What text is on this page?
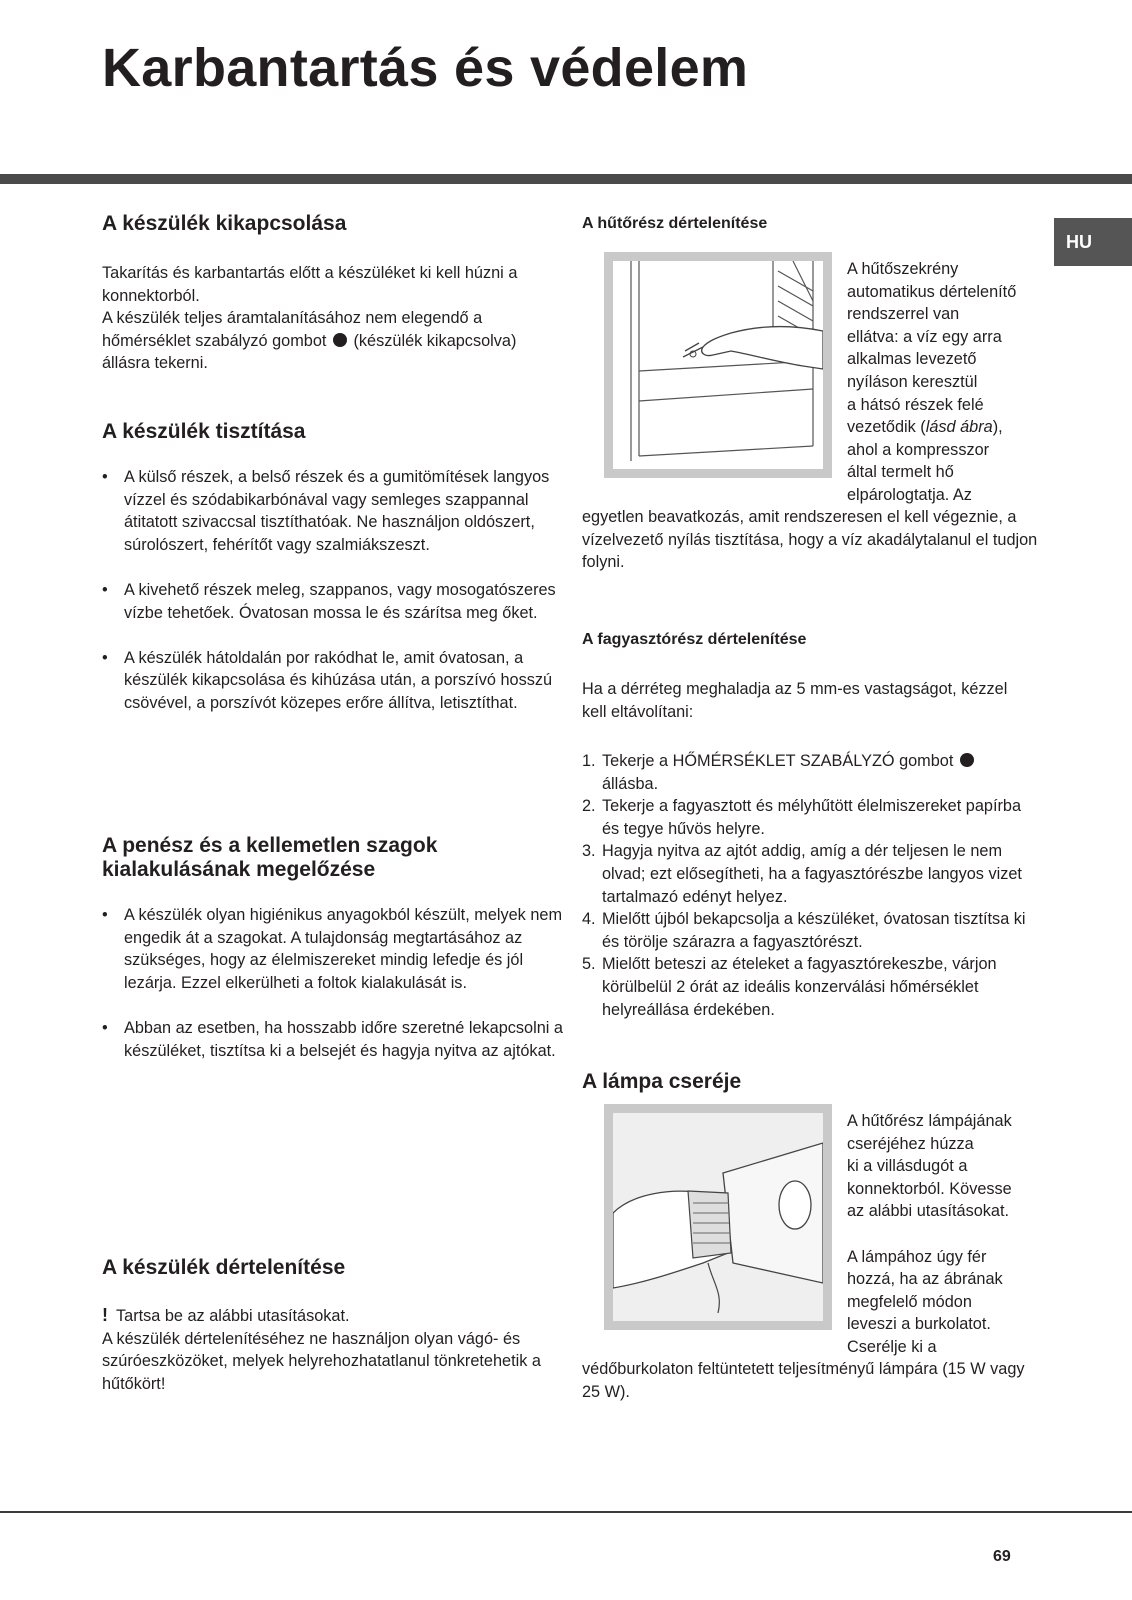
Karbantartás és védelem
HU
A készülék kikapcsolása

Takarítás és karbantartás előtt a készüléket ki kell húzni a konnektorból.

A készülék teljes áramtalanításához nem elegendő a hőmérséklet szabályzó gombot (készülék kikapcsolva) állásra tekerni.

A készülék tisztítása
• A külső részek, a belső részek és a gumitömítések langyos vízzel és szódabikarbónával vagy semleges szappannal átitatott szivaccsal tisztíthatóak. Ne használjon oldószert, súrolószert, fehérítőt vagy szalmiákszeszt.
• A kivehető részek meleg, szappanos, vagy mosogatószeres vízbe tehetőek. Óvatosan mossa le és szárítsa meg őket.
• A készülék hátoldalán por rakódhat le, amit óvatosan, a készülék kikapcsolása és kihúzása után, a porszívó hosszú csövével, a porszívót közepes erőre állítva, letisztíthat.
A penész és a kellemetlen szagok kialakulásának megelőzése
• A készülék olyan higiénikus anyagokból készült, melyek nem engedik át a szagokat. A tulajdonság megtartásához az szükséges, hogy az élelmiszereket mindig lefedje és jól lezárja. Ezzel elkerülheti a foltok kialakulását is.
• Abban az esetben, ha hosszabb időre szeretné lekapcsolni a készüléket, tisztítsa ki a belsejét és hagyja nyitva az ajtókat.
A készülék dértelenítése

! Tartsa be az alábbi utasításokat.

A készülék dértelenítéséhez ne használjon olyan vágó- és szúróeszközöket, melyek helyrehozhatatlanul tönkretehetik a hűtőkört!

A hűtőrész dértelenítése

A hűtőszekrény

automatikus dértelenítő

rendszerrel van

ellátva: a víz egy arra

alkalmas levezető

nyíláson keresztül

a hátsó részek felé

vezetődik (lásd ábra),

ahol a kompresszor

által termelt hő

elpárologtatja. Az

egyetlen beavatkozás, amit rendszeresen el kell végeznie, a vízelvezető nyílás tisztítása, hogy a víz akadálytalanul el tudjon folyni.
A fagyasztórész dértelenítése
Ha a dérréteg meghaladja az 5 mm-es vastagságot, kézzel kell eltávolítani:
1. Tekerje a HŐMÉRSÉKLET SZABÁLYZÓ gombot  állásba.
2. Tekerje a fagyasztott és mélyhűtött élelmiszereket papírba és tegye hűvös helyre.
3. Hagyja nyitva az ajtót addig, amíg a dér teljesen le nem olvad; ezt elősegítheti, ha a fagyasztórészbe langyos vizet tartalmazó edényt helyez.
4. Mielőtt újból bekapcsolja a készüléket, óvatosan tisztítsa ki és törölje szárazra a fagyasztórészt.
5. Mielőtt beteszi az ételeket a fagyasztórekeszbe, várjon körülbelül 2 órát az ideális konzerválási hőmérséklet helyreállása érdekében.
A lámpa cseréje

A hűtőrész lámpájának

cseréjéhez húzza

ki a villásdugót a

konnektorból. Kövesse

az alábbi utasításokat.

A lámpához úgy fér

hozzá, ha az ábrának

megfelelő módon

leveszi a burkolatot.

Cserélje ki a

védőburkolaton feltüntetett teljesítményű lámpára (15 W vagy 25 W).
69
